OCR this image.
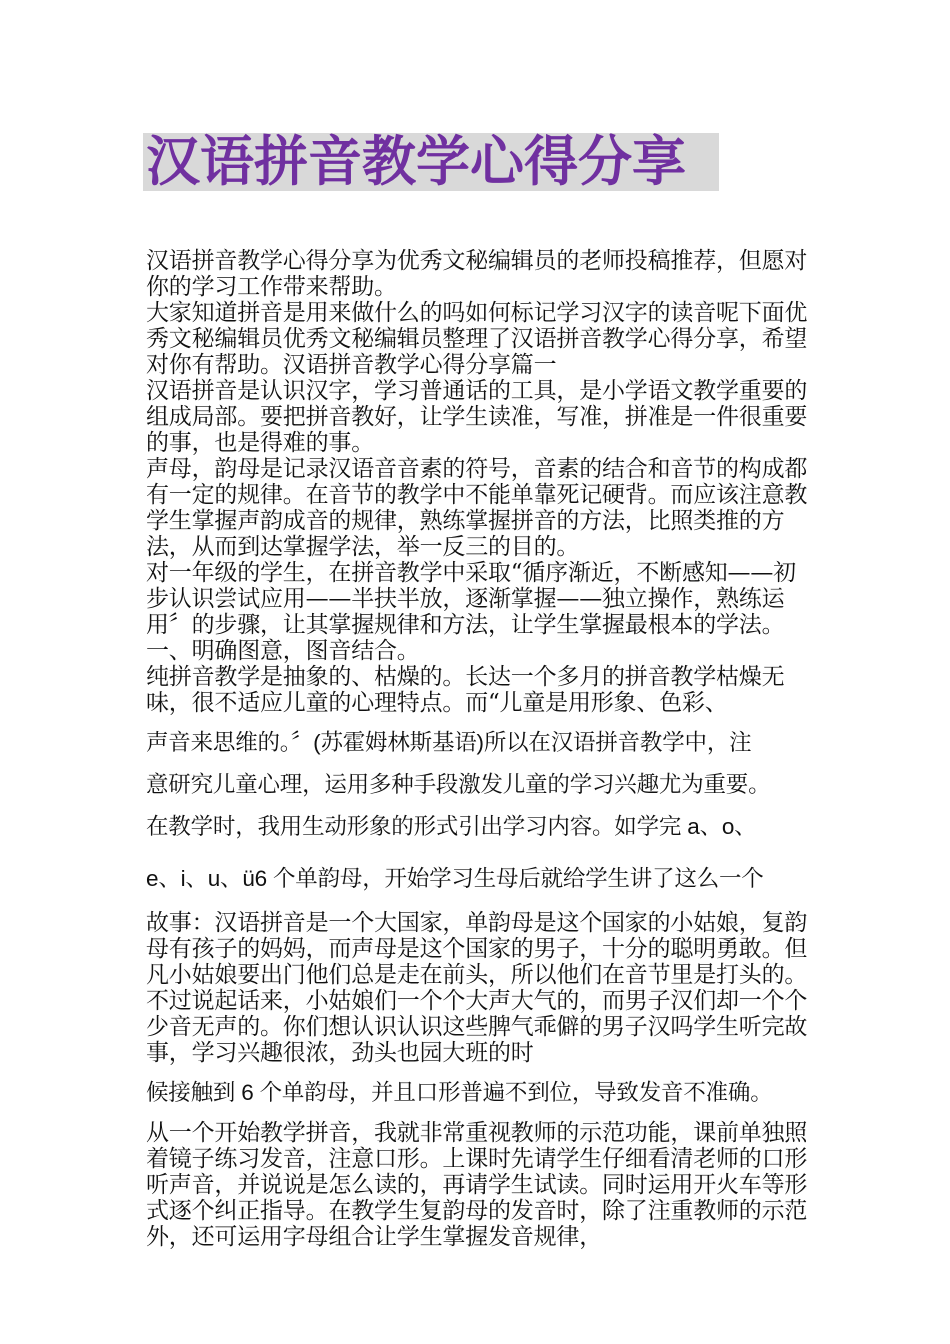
汉语拼音教学心得分享

汉语拼音教学心得分享为优秀文秘编辑员的老师投稿推荐，但愿对你的学习工作带来帮助。

大家知道拼音是用来做什么的吗如何标记学习汉字的读音呢下面优秀文秘编辑员优秀文秘编辑员整理了汉语拼音教学心得分享，希望对你有帮助。汉语拼音教学心得分享篇一

汉语拼音是认识汉字，学习普通话的工具，是小学语文教学重要的组成局部。要把拼音教好，让学生读准，写准，拼准是一件很重要的事，也是得难的事。

声母，韵母是记录汉语音音素的符号，音素的结合和音节的构成都有一定的规律。在音节的教学中不能单靠死记硬背。而应该注意教学生掌握声韵成音的规律，熟练掌握拼音的方法，比照类推的方法，从而到达掌握学法，举一反三的目的。

对一年级的学生，在拼音教学中采取“循序渐近，不断感知——初步认识尝试应用——半扶半放，逐渐掌握——独立操作，熟练运用〞的步骤，让其掌握规律和方法，让学生掌握最根本的学法。

一、明确图意，图音结合。

纯拼音教学是抽象的、枯燥的。长达一个多月的拼音教学枯燥无味，很不适应儿童的心理特点。而“儿童是用形象、色彩、

声音来思维的。〞(苏霍姆林斯基语)所以在汉语拼音教学中，注

意研究儿童心理，运用多种手段激发儿童的学习兴趣尤为重要。

在教学时，我用生动形象的形式引出学习内容。如学完 a、o、

e、i、u、ü6 个单韵母，开始学习生母后就给学生讲了这么一个

故事：汉语拼音是一个大国家，单韵母是这个国家的小姑娘，复韵母有孩子的妈妈，而声母是这个国家的男子，十分的聪明勇敢。但凡小姑娘要出门他们总是走在前头，所以他们在音节里是打头的。不过说起话来，小姑娘们一个个大声大气的，而男子汉们却一个个少音无声的。你们想认识认识这些脾气乖僻的男子汉吗学生听完故事，学习兴趣很浓，劲头也园大班的时

候接触到 6 个单韵母，并且口形普遍不到位，导致发音不准确。

从一个开始教学拼音，我就非常重视教师的示范功能，课前单独照着镜子练习发音，注意口形。上课时先请学生仔细看清老师的口形听声音，并说说是怎么读的，再请学生试读。同时运用开火车等形式逐个纠正指导。在教学生复韵母的发音时，除了注重教师的示范外，还可运用字母组合让学生掌握发音规律，
